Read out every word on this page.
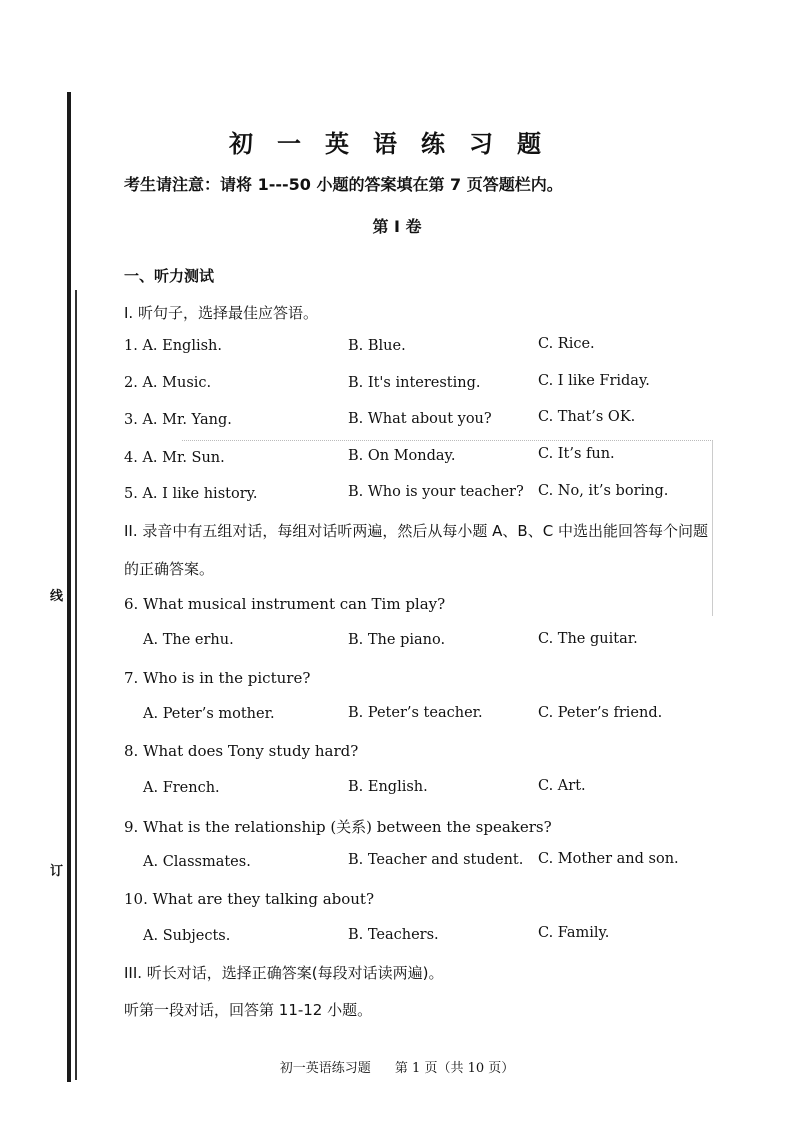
订
线
初一英语练习题
考生请注意：请将 1---50 小题的答案填在第 7 页答题栏内。
第 I 卷
一、听力测试
I. 听句子，选择最佳应答语。
1. A. English.	B. Blue.	C. Rice.
2. A. Music.	B. It's interesting.	C. I like Friday.
3. A. Mr. Yang.	B. What about you?	C. That’s OK.
4. A. Mr. Sun.	B. On Monday.	C. It’s fun.
5. A. I like history.	B. Who is your teacher? C. No, it’s boring.
II. 录音中有五组对话，每组对话听两遍，然后从每小题 A、B、C 中选出能回答每个问题
的正确答案。
6. What musical instrument can Tim play?
A. The erhu.	B. The piano.	C. The guitar.
7. Who is in the picture?
A. Peter’s mother.	B. Peter’s teacher.	C. Peter’s friend.
8. What does Tony study hard?
A. French.	B. English.	C. Art.
9. What is the relationship (关系) between the speakers?
A. Classmates.	B. Teacher and student. C. Mother and son.
10. What are they talking about?
A. Subjects.	B. Teachers.	C. Family.
III. 听长对话，选择正确答案(每段对话读两遍)。
听第一段对话，回答第 11-12 小题。
初一英语练习题 第 1 页（共 10 页）
